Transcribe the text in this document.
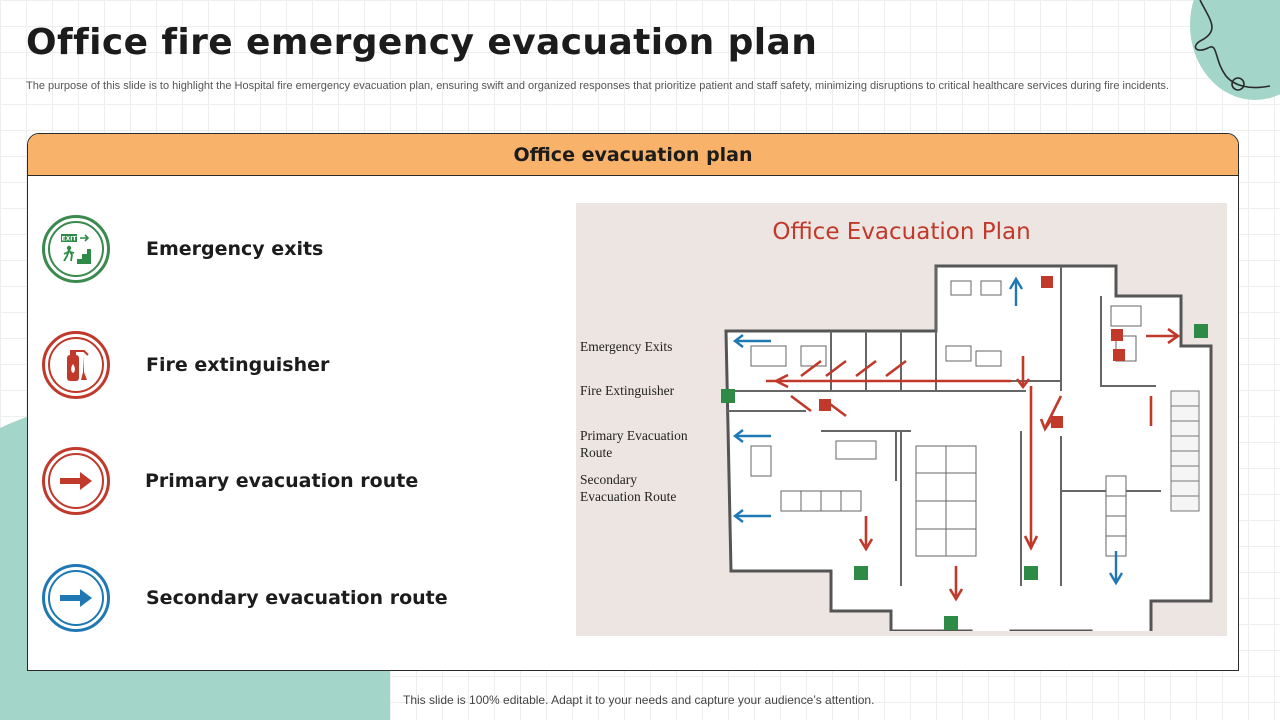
Office fire emergency evacuation plan

The purpose of this slide is to highlight the Hospital fire emergency evacuation plan, ensuring swift and organized responses that prioritize patient and staff safety, minimizing disruptions to critical healthcare services during fire incidents.

Office evacuation plan
EXIT	Emergency exits
Fire extinguisher
Primary evacuation route
Secondary evacuation route
Office Evacuation Plan
Emergency Exits
Fire Extinguisher
Primary Evacuation Route
Secondary Evacuation Route
This slide is 100% editable. Adapt it to your needs and capture your audience’s attention.
